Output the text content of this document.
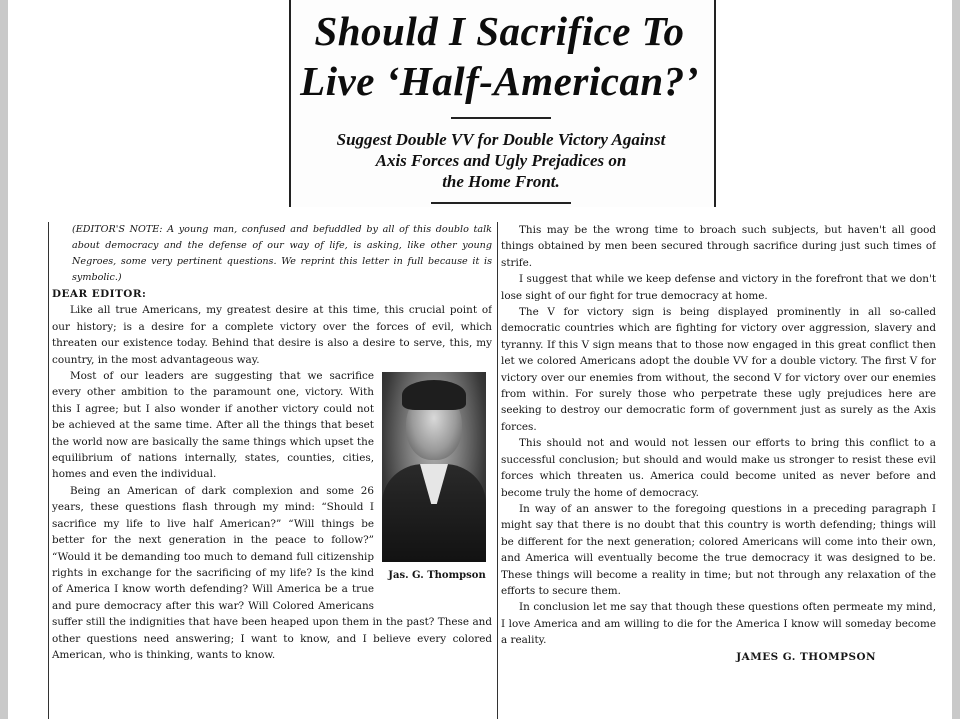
Should I Sacrifice To
Live ‘Half-American?’
Suggest Double VV for Double Victory Against
Axis Forces and Ugly Prejadices on
the Home Front.

(EDITOR'S NOTE: A young man, confused and befuddled by all of this doublo talk about democracy and the defense of our way of life, is asking, like other young Negroes, some very pertinent questions. We reprint this letter in full because it is symbolic.)

DEAR EDITOR:

Like all true Americans, my greatest desire at this time, this crucial point of our history; is a desire for a complete victory over the forces of evil, which threaten our existence today. Behind that desire is also a desire to serve, this, my country, in the most advantageous way.

Jas. G. Thompson

Most of our leaders are suggesting that we sacrifice every other ambition to the paramount one, victory. With this I agree; but I also wonder if another victory could not be achieved at the same time. After all the things that beset the world now are basically the same things which upset the equilibrium of nations internally, states, counties, cities, homes and even the individual.

Being an American of dark complexion and some 26 years, these questions flash through my mind: “Should I sacrifice my life to live half American?” “Will things be better for the next generation in the peace to follow?” “Would it be demanding too much to demand full citizenship rights in exchange for the sacrificing of my life? Is the kind of America I know worth defending? Will America be a true and pure democracy after this war? Will Colored Americans suffer still the indignities that have been heaped upon them in the past? These and other questions need answering; I want to know, and I believe every colored American, who is thinking, wants to know.

This may be the wrong time to broach such subjects, but haven't all good things obtained by men been secured through sacrifice during just such times of strife.

I suggest that while we keep defense and victory in the forefront that we don't lose sight of our fight for true democracy at home.

The V for victory sign is being displayed prominently in all so-called democratic countries which are fighting for victory over aggression, slavery and tyranny. If this V sign means that to those now engaged in this great conflict then let we colored Americans adopt the double VV for a double victory. The first V for victory over our enemies from without, the second V for victory over our enemies from within. For surely those who perpetrate these ugly prejudices here are seeking to destroy our democratic form of government just as surely as the Axis forces.

This should not and would not lessen our efforts to bring this conflict to a successful conclusion; but should and would make us stronger to resist these evil forces which threaten us. America could become united as never before and become truly the home of democracy.

In way of an answer to the foregoing questions in a preceding paragraph I might say that there is no doubt that this country is worth defending; things will be different for the next generation; colored Americans will come into their own, and America will eventually become the true democracy it was designed to be. These things will become a reality in time; but not through any relaxation of the efforts to secure them.

In conclusion let me say that though these questions often permeate my mind, I love America and am willing to die for the America I know will someday become a reality.

JAMES G. THOMPSON
